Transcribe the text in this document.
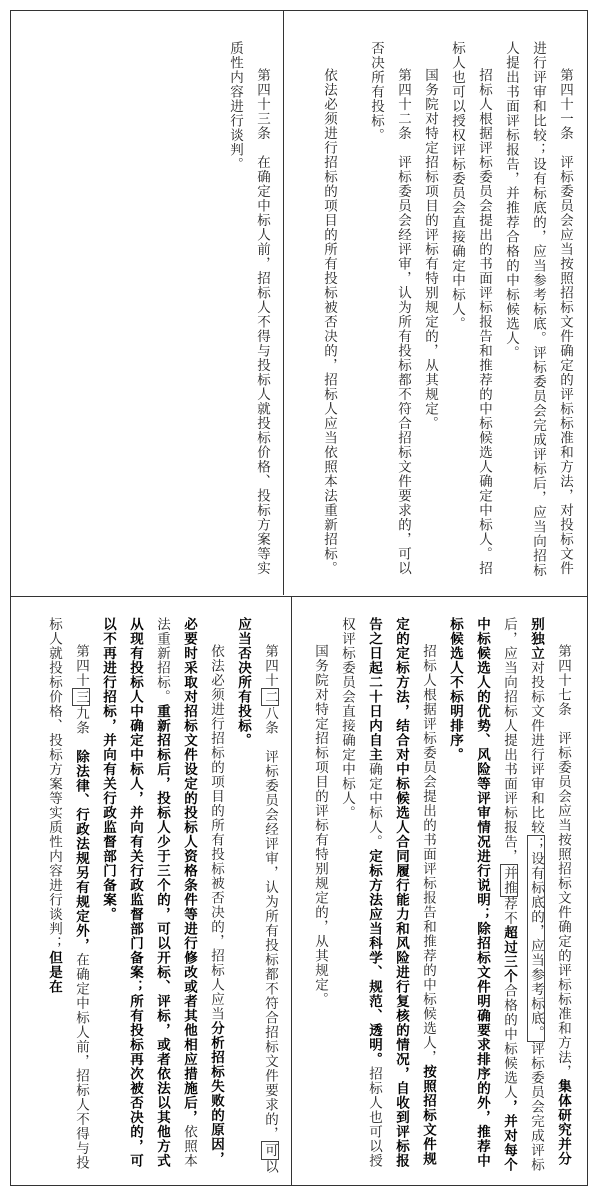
第四十三条　在确定中标人前，招标人不得与投标人就投标价格、投标方案等实质性内容进行谈判。	第四十一条　评标委员会应当按照招标文件确定的评标标准和方法，对投标文件进行评审和比较；设有标底的，应当参考标底。评标委员会完成评标后，应当向招标人提出书面评标报告，并推荐合格的中标候选人。
招标人根据评标委员会提出的书面评标报告和推荐的中标候选人确定中标人。招标人也可以授权评标委员会直接确定中标人。
国务院对特定招标项目的评标有特别规定的，从其规定。
第四十二条　评标委员会经评审，认为所有投标都不符合招标文件要求的，可以否决所有投标。
依法必须进行招标的项目的所有投标被否决的，招标人应当依照本法重新招标。
第四十二八条　评标委员会经评审，认为所有投标都不符合招标文件要求的，可以应当否决所有投标。
依法必须进行招标的项目的所有投标被否决的，招标人应当分析招标失败的原因，必要时采取对招标文件设定的投标人资格条件等进行修改或者其他相应措施后，依照本法重新招标。重新招标后，投标人少于三个的，可以开标、评标，或者依法以其他方式从现有投标人中确定中标人，并向有关行政监督部门备案；所有投标再次被否决的，可以不再进行招标，并向有关行政监督部门备案。
第四十三九条　除法律、行政法规另有规定外，在确定中标人前，招标人不得与投标人就投标价格、投标方案等实质性内容进行谈判；但是在	第四十七条　评标委员会应当按照招标文件确定的评标标准和方法，集体研究并分别独立对投标文件进行评审和比较；设有标底的，应当参考标底。评标委员会完成评标后，应当向招标人提出书面评标报告，并推荐不超过三个合格的中标候选人，并对每个中标候选人的优势、风险等评审情况进行说明；除招标文件明确要求排序的外，推荐中标候选人不标明排序。
招标人根据评标委员会提出的书面评标报告和推荐的中标候选人，按照招标文件规定的定标方法，结合对中标候选人合同履行能力和风险进行复核的情况，自收到评标报告之日起二十日内自主确定中标人。定标方法应当科学、规范、透明。招标人也可以授权评标委员会直接确定中标人。
国务院对特定招标项目的评标有特别规定的，从其规定。
